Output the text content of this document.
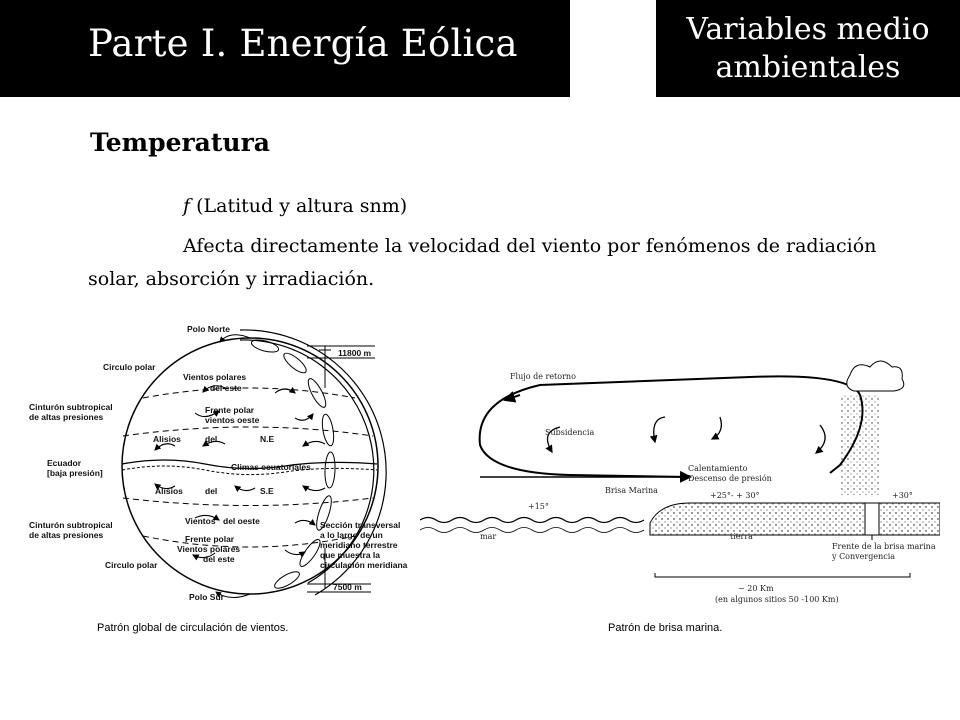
Parte I. Energía Eólica	Variables medio
ambientales
Temperatura
f (Latitud y altura snm)
Afecta directamente la velocidad del viento por fenómenos de radiación solar, absorción y irradiación.
Polo Norte
11800 m
Circulo polar
Vientos polares
del este
Cinturón subtropical
de altas presiones
Frente polar
vientos oeste
Alisios	del	N.E
Ecuador
[baja presión]
Climas ecuatoriales
Alisios	del	S.E
Cinturón subtropical
de altas presiones
Vientos del oeste	Sección transversal
a lo largo de un
meridiano terrestre
que muestra la
circulación meridiana
Frente polar
Vientos polares
del este
Circulo polar
7500 m
Polo Sur
Flujo de retorno
Subsidencia
Calentamiento
Descenso de presión
Brisa Marina
+15°
+25°- + 30°	+30°
mar	tierra
Frente de la brisa marina
y Convergencia
~ 20 Km
(en algunos sitios 50 -100 Km)
Patrón global de circulación de vientos.	Patrón de brisa marina.
